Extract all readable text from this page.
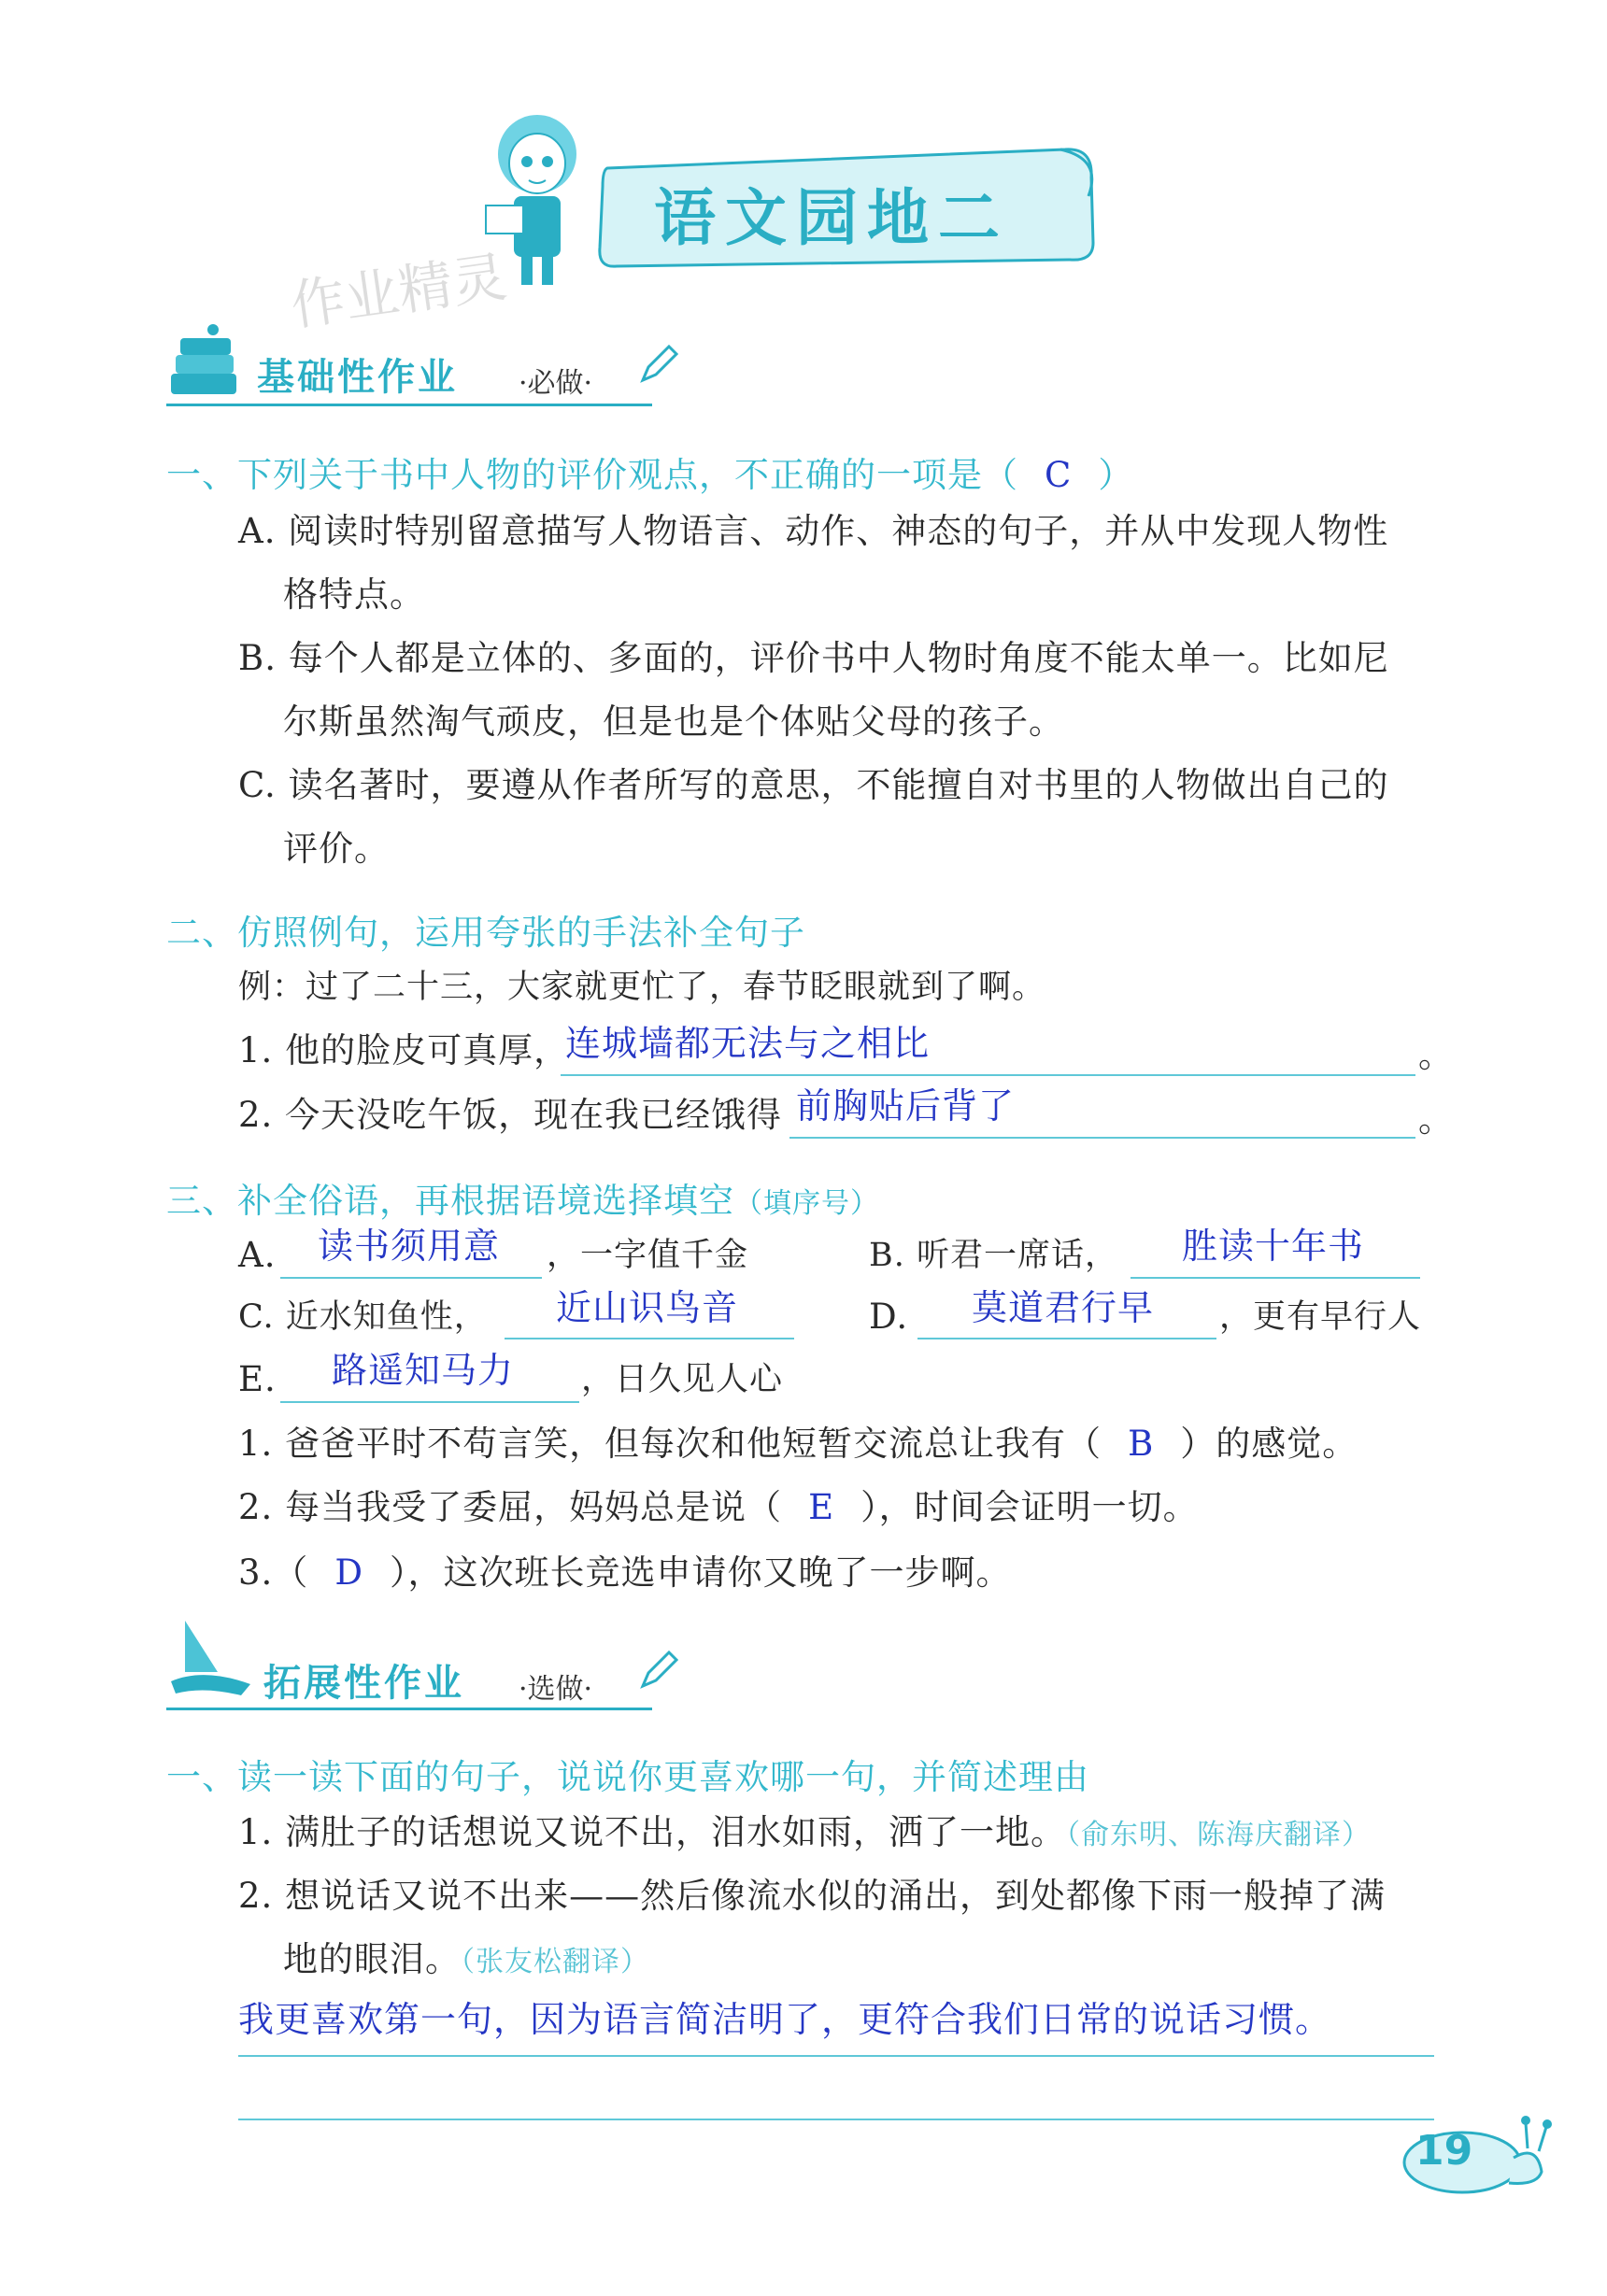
语文园地二
作业精灵
基础性作业 ·必做·
一、下列关于书中人物的评价观点，不正确的一项是（ C ）
A. 阅读时特别留意描写人物语言、动作、神态的句子，并从中发现人物性
格特点。
B. 每个人都是立体的、多面的，评价书中人物时角度不能太单一。比如尼
尔斯虽然淘气顽皮，但是也是个体贴父母的孩子。
C. 读名著时，要遵从作者所写的意思，不能擅自对书里的人物做出自己的
评价。
二、仿照例句，运用夸张的手法补全句子
例：过了二十三，大家就更忙了，春节眨眼就到了啊。
1. 他的脸皮可真厚，
连城墙都无法与之相比	。
2. 今天没吃午饭，现在我已经饿得 前胸贴后背了	。
三、补全俗语，再根据语境选择填空（填序号）
A. 读书须用意 ，一字值千金	B. 听君一席话， 胜读十年书
C. 近水知鱼性， 近山识鸟音	D. 莫道君行早 ，更有早行人
E. 路遥知马力 ，日久见人心
1. 爸爸平时不苟言笑，但每次和他短暂交流总让我有（ B ）的感觉。
2. 每当我受了委屈，妈妈总是说（ E ），时间会证明一切。
3.（ D ），这次班长竞选申请你又晚了一步啊。
拓展性作业 ·选做·
一、读一读下面的句子，说说你更喜欢哪一句，并简述理由
1. 满肚子的话想说又说不出，泪水如雨，洒了一地。（俞东明、陈海庆翻译）
2. 想说话又说不出来——然后像流水似的涌出，到处都像下雨一般掉了满
地的眼泪。（张友松翻译）
我更喜欢第一句，因为语言简洁明了，更符合我们日常的说话习惯。
19
